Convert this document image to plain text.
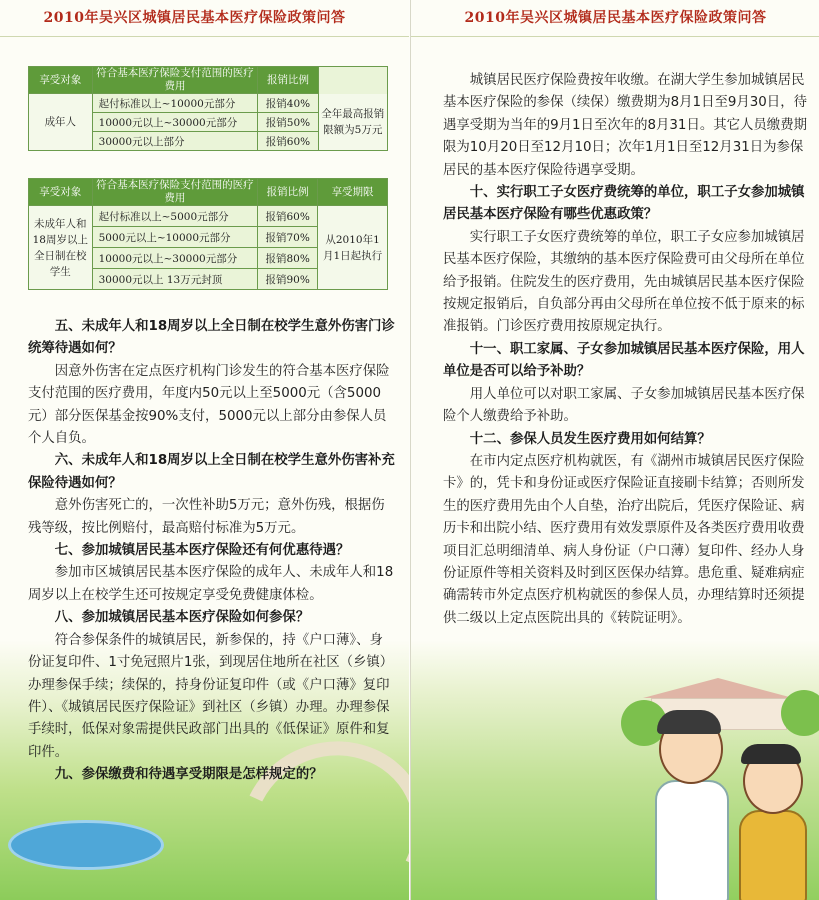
2010年吴兴区城镇居民基本医疗保险政策问答
享受对象	符合基本医疗保险支付范围的医疗费用	报销比例	
成年人	起付标准以上~10000元部分	报销40%	全年最高报销限额为5万元
	10000元以上~30000元部分	报销50%	
	30000元以上部分	报销60%	
享受对象	符合基本医疗保险支付范围的医疗费用	报销比例	享受期限
未成年人和18周岁以上全日制在校学生	起付标准以上~5000元部分	报销60%	从2010年1月1日起执行
	5000元以上~10000元部分	报销70%	
	10000元以上~30000元部分	报销80%	
	30000元以上 13万元封顶	报销90%	

五、未成年人和18周岁以上全日制在校学生意外伤害门诊统筹待遇如何？

因意外伤害在定点医疗机构门诊发生的符合基本医疗保险支付范围的医疗费用，年度内50元以上至5000元（含5000元）部分医保基金按90%支付，5000元以上部分由参保人员个人自负。

六、未成年人和18周岁以上全日制在校学生意外伤害补充保险待遇如何？

意外伤害死亡的，一次性补助5万元；意外伤残，根据伤残等级，按比例赔付，最高赔付标准为5万元。

七、参加城镇居民基本医疗保险还有何优惠待遇？

参加市区城镇居民基本医疗保险的成年人、未成年人和18周岁以上在校学生还可按规定享受免费健康体检。

八、参加城镇居民基本医疗保险如何参保？

符合参保条件的城镇居民，新参保的，持《户口薄》、身份证复印件、1寸免冠照片1张，到现居住地所在社区（乡镇）办理参保手续；续保的，持身份证复印件（或《户口薄》复印件）、《城镇居民医疗保险证》到社区（乡镇）办理。办理参保手续时，低保对象需提供民政部门出具的《低保证》原件和复印件。

九、参保缴费和待遇享受期限是怎样规定的？

2010年吴兴区城镇居民基本医疗保险政策问答

城镇居民医疗保险费按年收缴。在湖大学生参加城镇居民基本医疗保险的参保（续保）缴费期为8月1日至9月30日，待遇享受期为当年的9月1日至次年的8月31日。其它人员缴费期限为10月20日至12月10日；次年1月1日至12月31日为参保居民的基本医疗保险待遇享受期。

十、实行职工子女医疗费统筹的单位，职工子女参加城镇居民基本医疗保险有哪些优惠政策？

实行职工子女医疗费统筹的单位，职工子女应参加城镇居民基本医疗保险，其缴纳的基本医疗保险费可由父母所在单位给予报销。住院发生的医疗费用，先由城镇居民基本医疗保险按规定报销后，自负部分再由父母所在单位按不低于原来的标准报销。门诊医疗费用按原规定执行。

十一、职工家属、子女参加城镇居民基本医疗保险，用人单位是否可以给予补助？

用人单位可以对职工家属、子女参加城镇居民基本医疗保险个人缴费给予补助。

十二、参保人员发生医疗费用如何结算？

在市内定点医疗机构就医，有《湖州市城镇居民医疗保险卡》的，凭卡和身份证或医疗保险证直接刷卡结算；否则所发生的医疗费用先由个人自垫，治疗出院后，凭医疗保险证、病历卡和出院小结、医疗费用有效发票原件及各类医疗费用收费项目汇总明细清单、病人身份证（户口薄）复印件、经办人身份证原件等相关资料及时到区医保办结算。患危重、疑难病症确需转市外定点医疗机构就医的参保人员，办理结算时还须提供二级以上定点医院出具的《转院证明》。
